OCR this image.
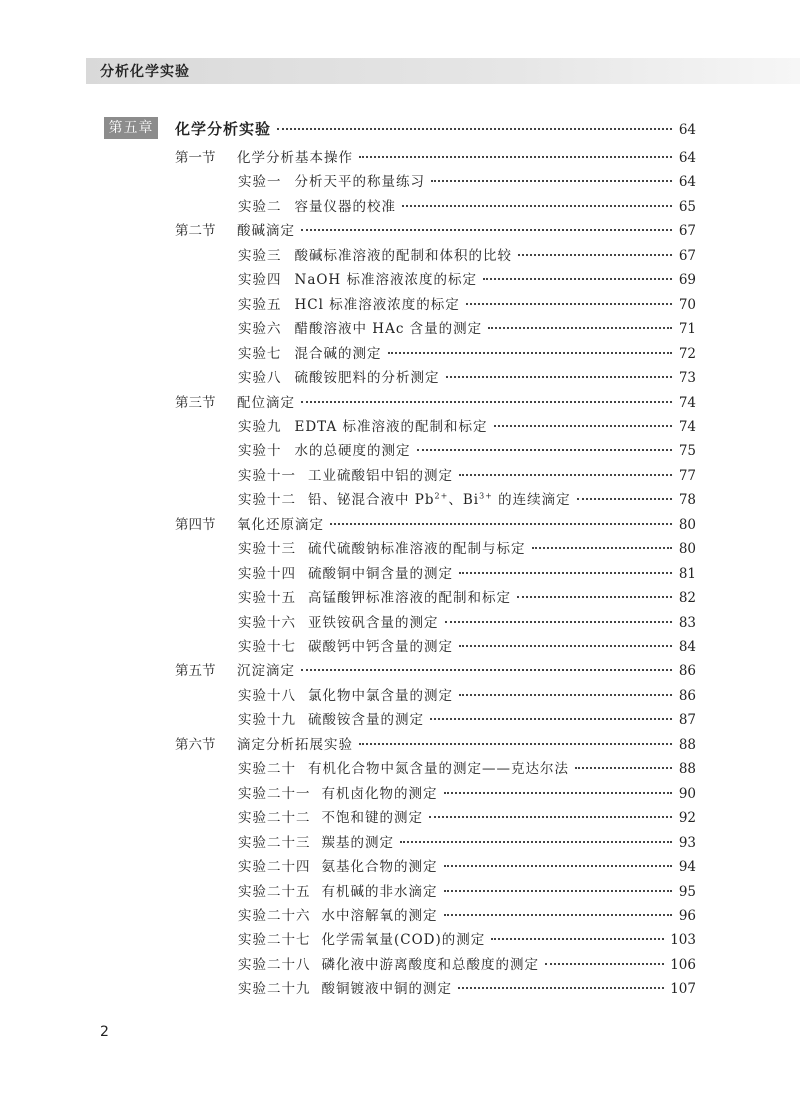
分析化学实验
第五章	化学分析实验	64
第一节	化学分析基本操作	64
实验一 分析天平的称量练习	64
实验二 容量仪器的校准	65
第二节	酸碱滴定	67
实验三 酸碱标准溶液的配制和体积的比较	67
实验四 NaOH 标准溶液浓度的标定	69
实验五 HCl 标准溶液浓度的标定	70
实验六 醋酸溶液中 HAc 含量的测定	71
实验七 混合碱的测定	72
实验八 硫酸铵肥料的分析测定	73
第三节	配位滴定	74
实验九 EDTA 标准溶液的配制和标定	74
实验十 水的总硬度的测定	75
实验十一 工业硫酸铝中铝的测定	77
实验十二 铅、铋混合液中 $Pb^{2+}$、$Bi^{3+}$ 的连续滴定	78
第四节	氧化还原滴定	80
实验十三 硫代硫酸钠标准溶液的配制与标定	80
实验十四 硫酸铜中铜含量的测定	81
实验十五 高锰酸钾标准溶液的配制和标定	82
实验十六 亚铁铵矾含量的测定	83
实验十七 碳酸钙中钙含量的测定	84
第五节	沉淀滴定	86
实验十八 氯化物中氯含量的测定	86
实验十九 硫酸铵含量的测定	87
第六节	滴定分析拓展实验	88
实验二十 有机化合物中氮含量的测定——克达尔法	88
实验二十一 有机卤化物的测定	90
实验二十二 不饱和键的测定	92
实验二十三 羰基的测定	93
实验二十四 氨基化合物的测定	94
实验二十五 有机碱的非水滴定	95
实验二十六 水中溶解氧的测定	96
实验二十七 化学需氧量(COD)的测定	103
实验二十八 磷化液中游离酸度和总酸度的测定	106
实验二十九 酸铜镀液中铜的测定	107
2
